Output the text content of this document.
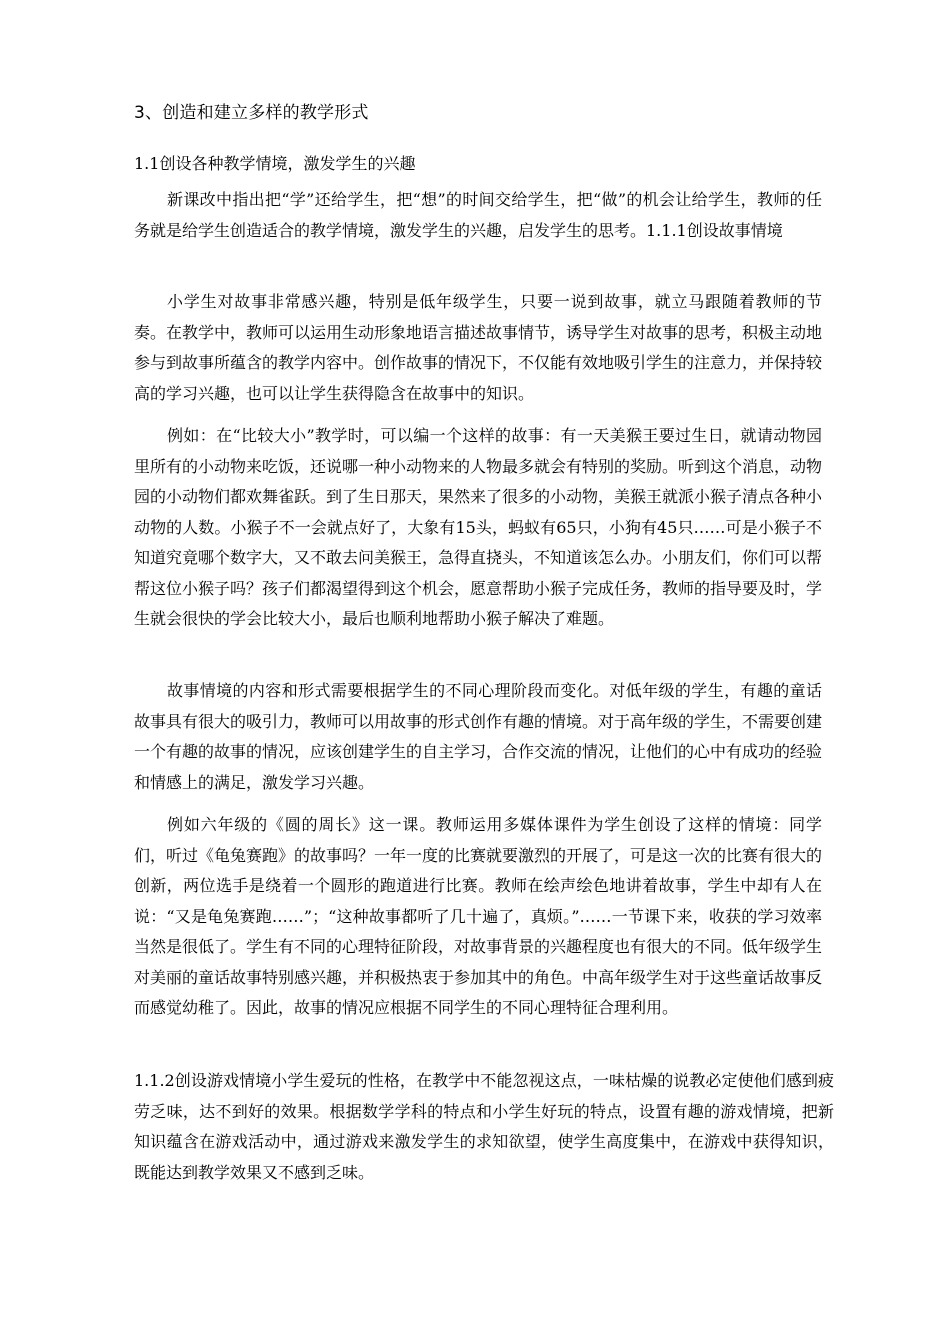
3、创造和建立多样的教学形式
1.1创设各种教学情境，激发学生的兴趣

新课改中指出把“学”还给学生，把“想”的时间交给学生，把“做”的机会让给学生，教师的任务就是给学生创造适合的教学情境，激发学生的兴趣，启发学生的思考。1.1.1创设故事情境

小学生对故事非常感兴趣，特别是低年级学生，只要一说到故事，就立马跟随着教师的节奏。在教学中，教师可以运用生动形象地语言描述故事情节，诱导学生对故事的思考，积极主动地参与到故事所蕴含的教学内容中。创作故事的情况下，不仅能有效地吸引学生的注意力，并保持较高的学习兴趣，也可以让学生获得隐含在故事中的知识。

例如：在“比较大小”教学时，可以编一个这样的故事：有一天美猴王要过生日，就请动物园里所有的小动物来吃饭，还说哪一种小动物来的人物最多就会有特别的奖励。听到这个消息，动物园的小动物们都欢舞雀跃。到了生日那天，果然来了很多的小动物，美猴王就派小猴子清点各种小动物的人数。小猴子不一会就点好了，大象有15头，蚂蚁有65只，小狗有45只……可是小猴子不知道究竟哪个数字大，又不敢去问美猴王，急得直挠头，不知道该怎么办。小朋友们，你们可以帮帮这位小猴子吗？孩子们都渴望得到这个机会，愿意帮助小猴子完成任务，教师的指导要及时，学生就会很快的学会比较大小，最后也顺利地帮助小猴子解决了难题。

故事情境的内容和形式需要根据学生的不同心理阶段而变化。对低年级的学生，有趣的童话故事具有很大的吸引力，教师可以用故事的形式创作有趣的情境。对于高年级的学生，不需要创建一个有趣的故事的情况，应该创建学生的自主学习，合作交流的情况，让他们的心中有成功的经验和情感上的满足，激发学习兴趣。

例如六年级的《圆的周长》这一课。教师运用多媒体课件为学生创设了这样的情境：同学们，听过《龟兔赛跑》的故事吗？一年一度的比赛就要激烈的开展了，可是这一次的比赛有很大的创新，两位选手是绕着一个圆形的跑道进行比赛。教师在绘声绘色地讲着故事，学生中却有人在说：“又是龟兔赛跑……”；“这种故事都听了几十遍了，真烦。”……一节课下来，收获的学习效率当然是很低了。学生有不同的心理特征阶段，对故事背景的兴趣程度也有很大的不同。低年级学生对美丽的童话故事特别感兴趣，并积极热衷于参加其中的角色。中高年级学生对于这些童话故事反而感觉幼稚了。因此，故事的情况应根据不同学生的不同心理特征合理利用。

1.1.2创设游戏情境小学生爱玩的性格，在教学中不能忽视这点，一味枯燥的说教必定使他们感到疲劳乏味，达不到好的效果。根据数学学科的特点和小学生好玩的特点，设置有趣的游戏情境，把新知识蕴含在游戏活动中，通过游戏来激发学生的求知欲望，使学生高度集中，在游戏中获得知识，既能达到教学效果又不感到乏味。
